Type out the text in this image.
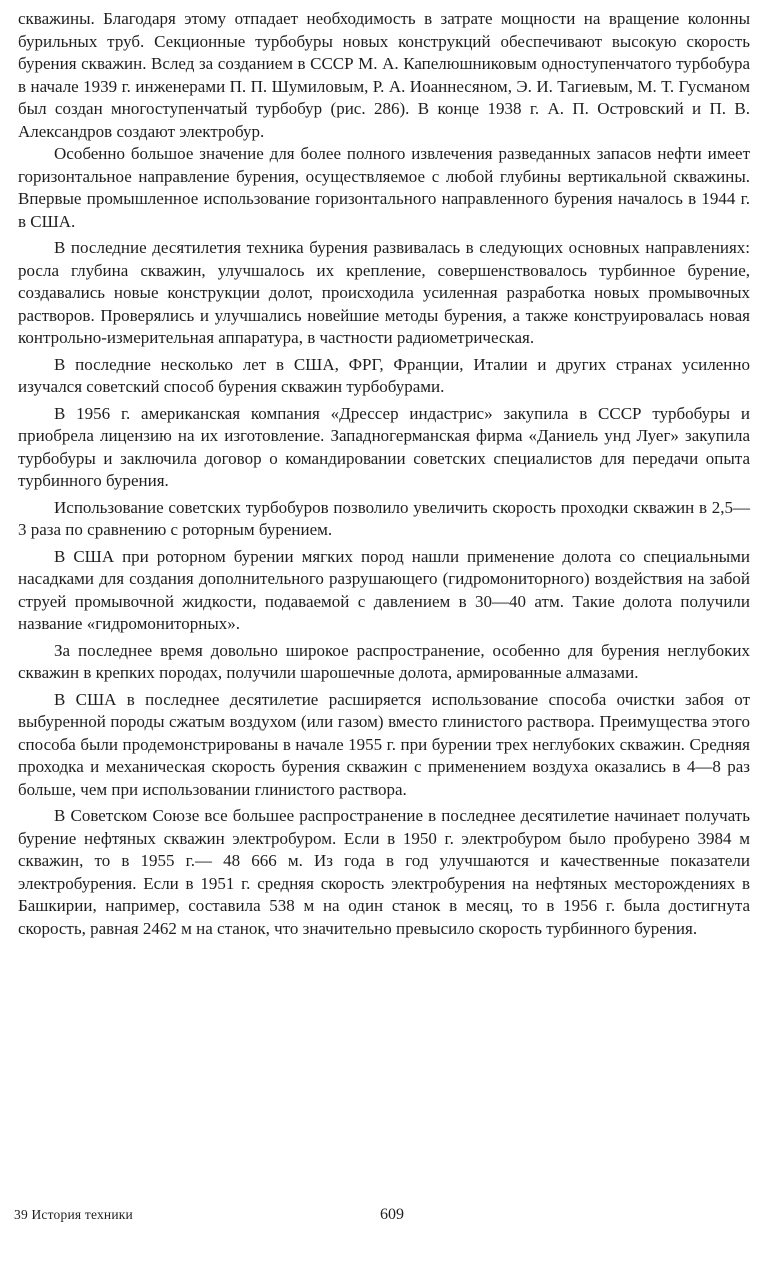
скважины. Благодаря этому отпадает необходимость в затрате мощности на вращение колонны бурильных труб. Секционные турбобуры новых конструкций обеспечивают высокую скорость бурения скважин. Вслед за созданием в СССР М. А. Капелюшниковым одноступенчатого турбобура в начале 1939 г. инженерами П. П. Шумиловым, Р. А. Иоаннесяном, Э. И. Тагиевым, М. Т. Гусманом был создан многоступенчатый турбобур (рис. 286). В конце 1938 г. А. П. Островский и П. В. Александров создают электробур.

Особенно большое значение для более полного извлечения разведанных запасов нефти имеет горизонтальное направление бурения, осуществляемое с любой глубины вертикальной скважины. Впервые промышленное использование горизонтального направленного бурения началось в 1944 г. в США.

В последние десятилетия техника бурения развивалась в следующих основных направлениях: росла глубина скважин, улучшалось их крепление, совершенствовалось турбинное бурение, создавались новые конструкции долот, происходила усиленная разработка новых промывочных растворов. Проверялись и улучшались новейшие методы бурения, а также конструировалась новая контрольно-измерительная аппаратура, в частности радиометрическая.

В последние несколько лет в США, ФРГ, Франции, Италии и других странах усиленно изучался советский способ бурения скважин турбобурами.

В 1956 г. американская компания «Дрессер индастрис» закупила в СССР турбобуры и приобрела лицензию на их изготовление. Западногерманская фирма «Даниель унд Луег» закупила турбобуры и заключила договор о командировании советских специалистов для передачи опыта турбинного бурения.

Использование советских турбобуров позволило увеличить скорость проходки скважин в 2,5—3 раза по сравнению с роторным бурением.

В США при роторном бурении мягких пород нашли применение долота со специальными насадками для создания дополнительного разрушающего (гидромониторного) воздействия на забой струей промывочной жидкости, подаваемой с давлением в 30—40 атм. Такие долота получили название «гидромониторных».

За последнее время довольно широкое распространение, особенно для бурения неглубоких скважин в крепких породах, получили шарошечные долота, армированные алмазами.

В США в последнее десятилетие расширяется использование способа очистки забоя от выбуренной породы сжатым воздухом (или газом) вместо глинистого раствора. Преимущества этого способа были продемонстрированы в начале 1955 г. при бурении трех неглубоких скважин. Средняя проходка и механическая скорость бурения скважин с применением воздуха оказались в 4—8 раз больше, чем при использовании глинистого раствора.

В Советском Союзе все большее распространение в последнее десятилетие начинает получать бурение нефтяных скважин электробуром. Если в 1950 г. электробуром было пробурено 3984 м скважин, то в 1955 г.— 48 666 м. Из года в год улучшаются и качественные показатели электробурения. Если в 1951 г. средняя скорость электробурения на нефтяных месторождениях в Башкирии, например, составила 538 м на один станок в месяц, то в 1956 г. была достигнута скорость, равная 2462 м на станок, что значительно превысило скорость турбинного бурения.

39 История техники	609
